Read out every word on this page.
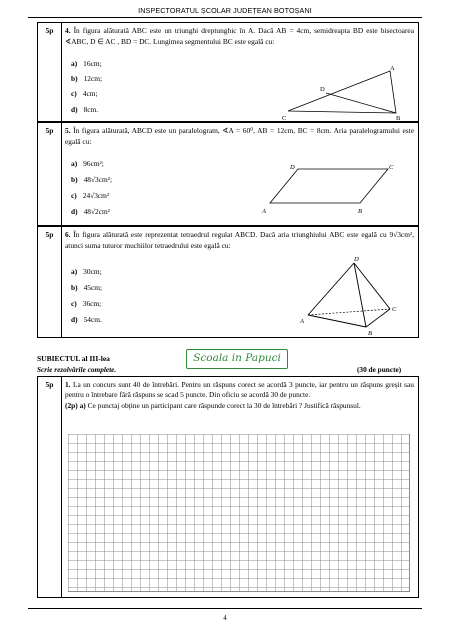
INSPECTORATUL ȘCOLAR JUDEȚEAN BOTOȘANI
5p	4. În figura alăturată ABC este un triunghi dreptunghic în A. Dacă AB = 4cm, semidreapta BD este bisectoarea ∢ABC, D ∈ AC , BD = DC. Lungimea segmentului BC este egală cu:
a) 16cm;
b) 12cm;
c) 4cm;
d) 8cm.
A
B
C
D
5p	5. În figura alăturată, ABCD este un paralelogram, ∢A = 60⁰, AB = 12cm, BC = 8cm. Aria paralelogramului este egală cu:
a) 96cm²;
b) 48√3cm²;
c) 24√3cm²
d) 48√2cm²	A	B
C
D
5p	6. În figura alăturată este reprezentat tetraedrul regulat ABCD. Dacă aria triunghiului ABC este egală cu 9√3cm², atunci suma tuturor muchiilor tetraedrului este egală cu:
a) 30cm;
b) 45cm;
c) 36cm;
d) 54cm.
D
A
B
C
SUBIECTUL al III-lea
Scrie rezolvările complete.
Scoala in Papuci
(30 de puncte)
5p	1. La un concurs sunt 40 de întrebări. Pentru un răspuns corect se acordă 3 puncte, iar pentru un răspuns greșit sau pentru o întrebare fără răspuns se scad 5 puncte. Din oficiu se acordă 30 de puncte.
(2p) a) Ce punctaj obține un participant care răspunde corect la 30 de întrebări ? Justifică răspunsul.
4
